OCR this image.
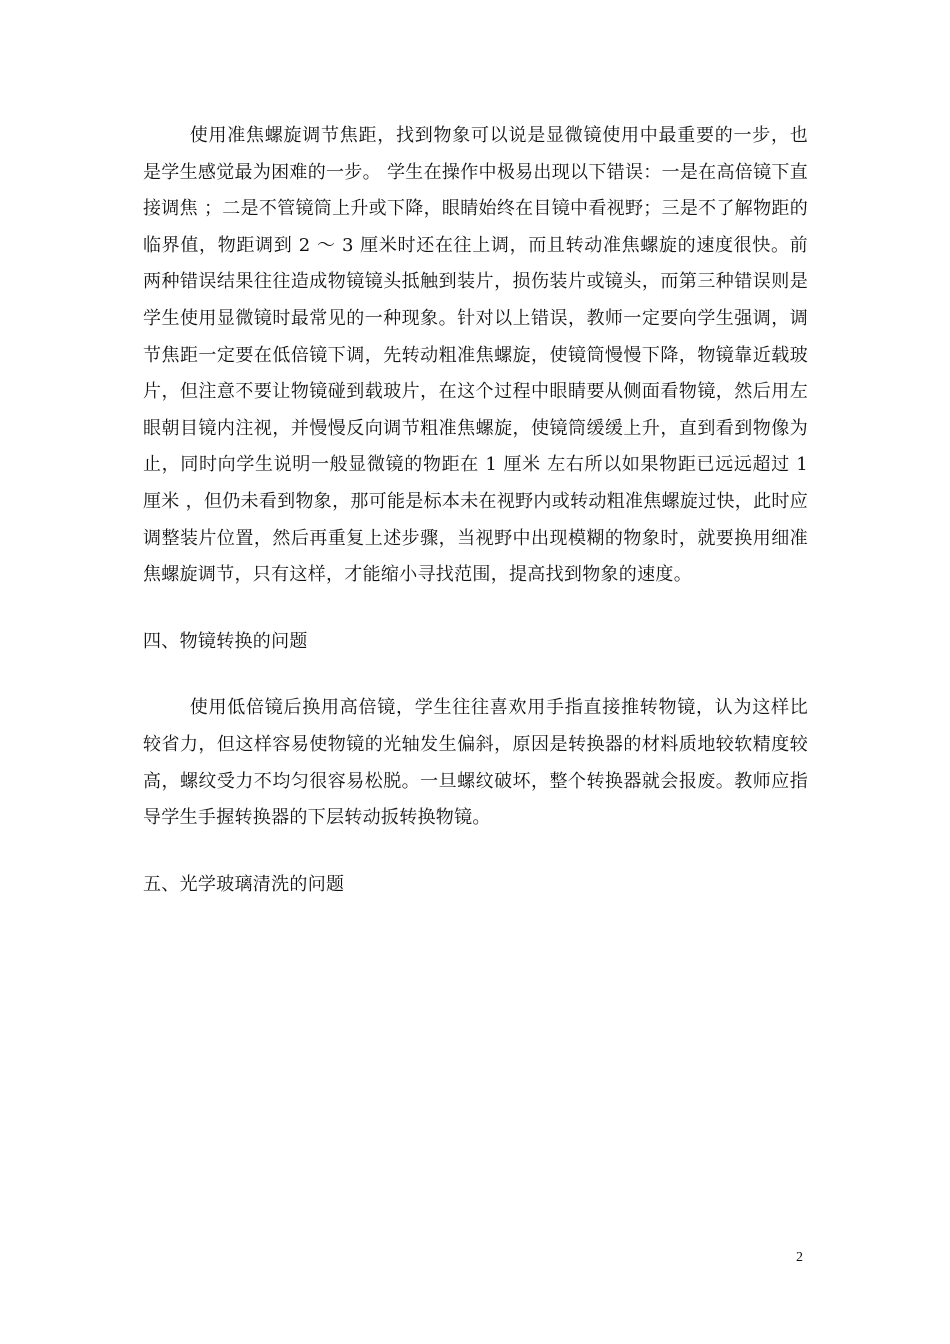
使用准焦螺旋调节焦距，找到物象可以说是显微镜使用中最重要的一步，也是学生感觉最为困难的一步。 学生在操作中极易出现以下错误：一是在高倍镜下直接调焦 ；二是不管镜筒上升或下降，眼睛始终在目镜中看视野；三是不了解物距的临界值，物距调到 2 ～ 3 厘米时还在往上调，而且转动准焦螺旋的速度很快。前两种错误结果往往造成物镜镜头抵触到装片，损伤装片或镜头，而第三种错误则是学生使用显微镜时最常见的一种现象。针对以上错误，教师一定要向学生强调，调节焦距一定要在低倍镜下调，先转动粗准焦螺旋，使镜筒慢慢下降，物镜靠近载玻片，但注意不要让物镜碰到载玻片，在这个过程中眼睛要从侧面看物镜，然后用左眼朝目镜内注视，并慢慢反向调节粗准焦螺旋，使镜筒缓缓上升，直到看到物像为止，同时向学生说明一般显微镜的物距在 1 厘米 左右所以如果物距已远远超过 1 厘米 ，但仍未看到物象，那可能是标本未在视野内或转动粗准焦螺旋过快，此时应调整装片位置，然后再重复上述步骤，当视野中出现模糊的物象时，就要换用细准焦螺旋调节，只有这样，才能缩小寻找范围，提高找到物象的速度。

四、物镜转换的问题

使用低倍镜后换用高倍镜，学生往往喜欢用手指直接推转物镜，认为这样比较省力，但这样容易使物镜的光轴发生偏斜，原因是转换器的材料质地较软精度较高，螺纹受力不均匀很容易松脱。一旦螺纹破坏，整个转换器就会报废。教师应指导学生手握转换器的下层转动扳转换物镜。

五、光学玻璃清洗的问题

2
